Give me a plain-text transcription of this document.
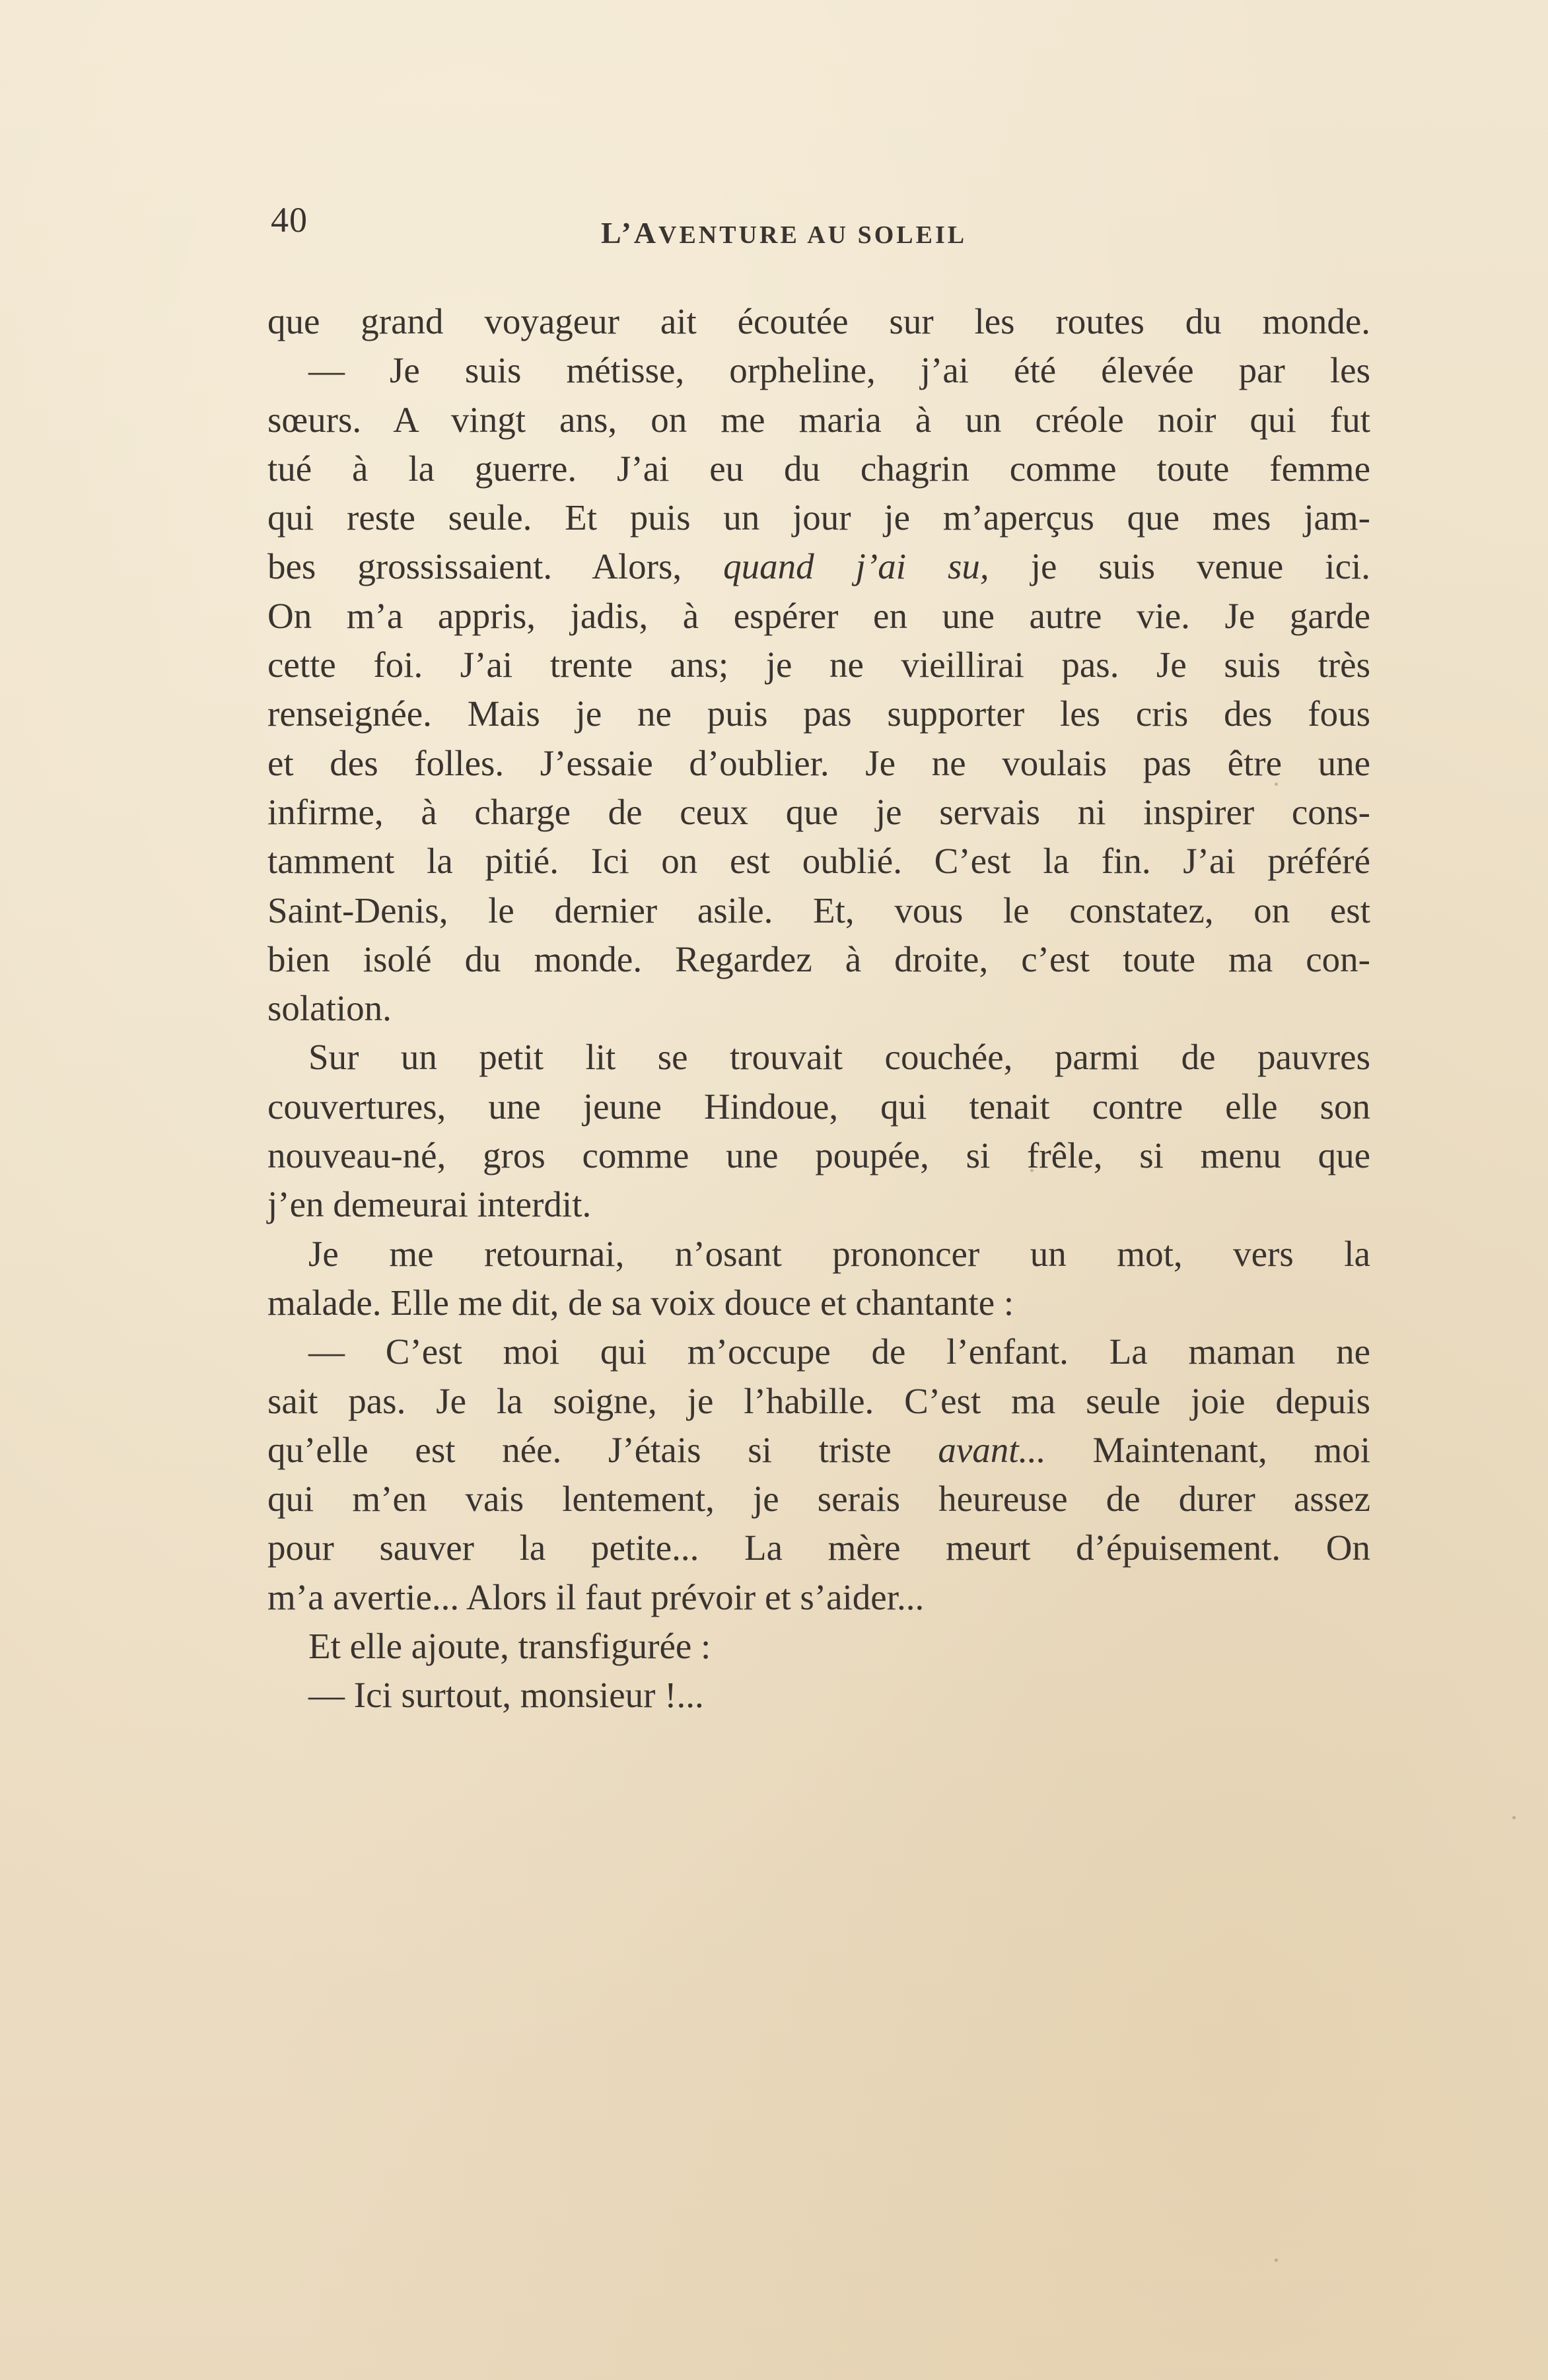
40	L’AVENTURE AU SOLEIL
que grand voyageur ait écoutée sur les routes du monde.
— Je suis métisse, orpheline, j’ai été élevée par les
sœurs. A vingt ans, on me maria à un créole noir qui fut
tué à la guerre. J’ai eu du chagrin comme toute femme
qui reste seule. Et puis un jour je m’aperçus que mes jam-
bes grossissaient. Alors, quand j’ai su, je suis venue ici.
On m’a appris, jadis, à espérer en une autre vie. Je garde
cette foi. J’ai trente ans; je ne vieillirai pas. Je suis très
renseignée. Mais je ne puis pas supporter les cris des fous
et des folles. J’essaie d’oublier. Je ne voulais pas être une
infirme, à charge de ceux que je servais ni inspirer cons-
tamment la pitié. Ici on est oublié. C’est la fin. J’ai préféré
Saint-Denis, le dernier asile. Et, vous le constatez, on est
bien isolé du monde. Regardez à droite, c’est toute ma con-
solation.
Sur un petit lit se trouvait couchée, parmi de pauvres
couvertures, une jeune Hindoue, qui tenait contre elle son
nouveau-né, gros comme une poupée, si frêle, si menu que
j’en demeurai interdit.
Je me retournai, n’osant prononcer un mot, vers la
malade. Elle me dit, de sa voix douce et chantante :
— C’est moi qui m’occupe de l’enfant. La maman ne
sait pas. Je la soigne, je l’habille. C’est ma seule joie depuis
qu’elle est née. J’étais si triste avant... Maintenant, moi
qui m’en vais lentement, je serais heureuse de durer assez
pour sauver la petite... La mère meurt d’épuisement. On
m’a avertie... Alors il faut prévoir et s’aider...
Et elle ajoute, transfigurée :
— Ici surtout, monsieur !...
